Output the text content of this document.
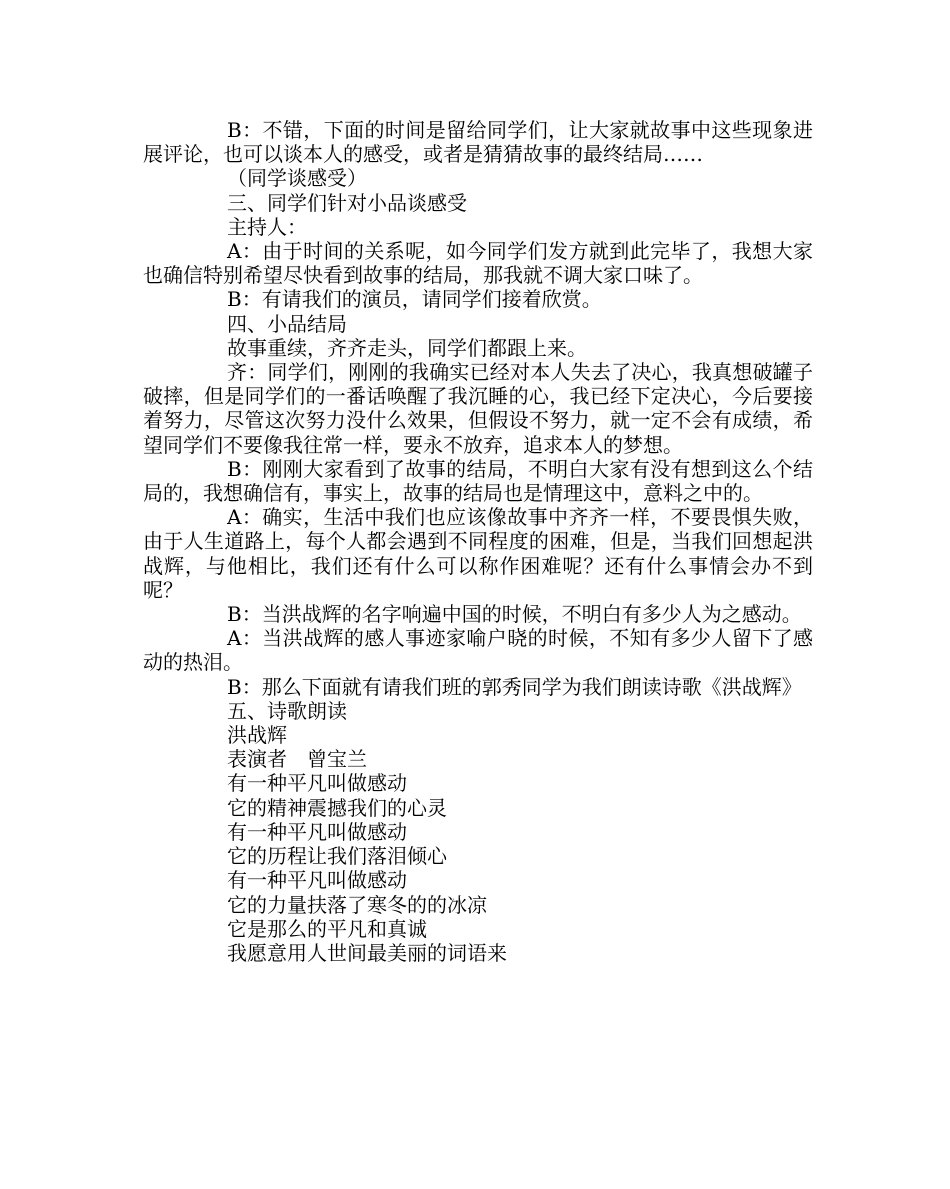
B：不错，下面的时间是留给同学们，让大家就故事中这些现象进展评论，也可以谈本人的感受，或者是猜猜故事的最终结局……

（同学谈感受）

三、同学们针对小品谈感受

主持人：

A：由于时间的关系呢，如今同学们发方就到此完毕了，我想大家也确信特别希望尽快看到故事的结局，那我就不调大家口味了。

B：有请我们的演员，请同学们接着欣赏。

四、小品结局

故事重续，齐齐走头，同学们都跟上来。

齐：同学们，刚刚的我确实已经对本人失去了决心，我真想破罐子破摔，但是同学们的一番话唤醒了我沉睡的心，我已经下定决心，今后要接着努力，尽管这次努力没什么效果，但假设不努力，就一定不会有成绩，希望同学们不要像我往常一样，要永不放弃，追求本人的梦想。

B：刚刚大家看到了故事的结局，不明白大家有没有想到这么个结局的，我想确信有，事实上，故事的结局也是情理这中，意料之中的。

A：确实，生活中我们也应该像故事中齐齐一样，不要畏惧失败，由于人生道路上，每个人都会遇到不同程度的困难，但是，当我们回想起洪战辉，与他相比，我们还有什么可以称作困难呢？还有什么事情会办不到呢？

B：当洪战辉的名字响遍中国的时候，不明白有多少人为之感动。

A：当洪战辉的感人事迹家喻户晓的时候，不知有多少人留下了感动的热泪。

B：那么下面就有请我们班的郭秀同学为我们朗读诗歌《洪战辉》

五、诗歌朗读

洪战辉

表演者　曾宝兰

有一种平凡叫做感动

它的精神震撼我们的心灵

有一种平凡叫做感动

它的历程让我们落泪倾心

有一种平凡叫做感动

它的力量扶落了寒冬的的冰凉

它是那么的平凡和真诚

我愿意用人世间最美丽的词语来
